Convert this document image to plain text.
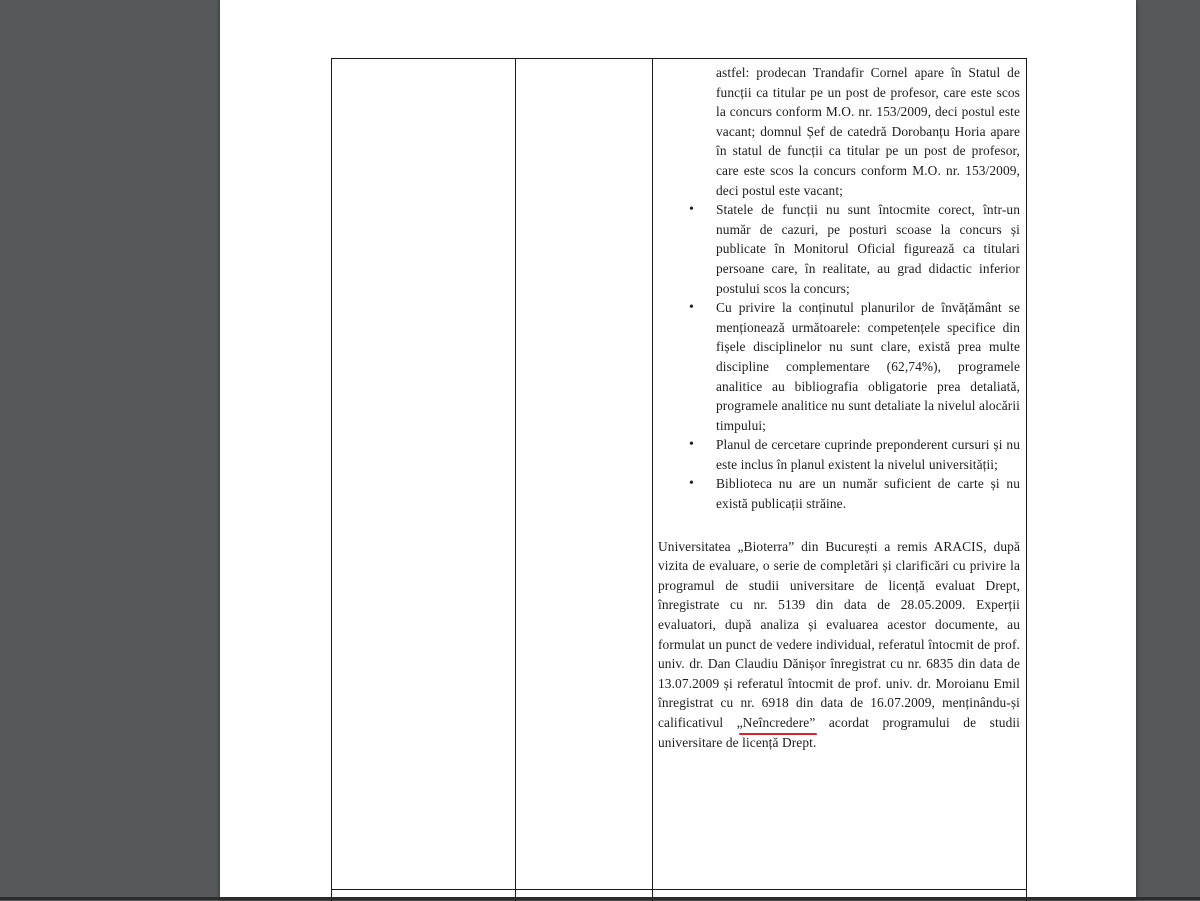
astfel: prodecan Trandafir Cornel apare în Statul de funcții ca titular pe un post de profesor, care este scos la concurs conform M.O. nr. 153/2009, deci postul este vacant; domnul Șef de catedră Dorobanțu Horia apare în statul de funcții ca titular pe un post de profesor, care este scos la concurs conform M.O. nr. 153/2009, deci postul este vacant;
• Statele de funcții nu sunt întocmite corect, într-un număr de cazuri, pe posturi scoase la concurs și publicate în Monitorul Oficial figurează ca titulari persoane care, în realitate, au grad didactic inferior postului scos la concurs;
• Cu privire la conținutul planurilor de învățământ se menționează următoarele: competențele specifice din fișele disciplinelor nu sunt clare, există prea multe discipline complementare (62,74%), programele analitice au bibliografia obligatorie prea detaliată, programele analitice nu sunt detaliate la nivelul alocării timpului;
• Planul de cercetare cuprinde preponderent cursuri și nu este inclus în planul existent la nivelul universității;
• Biblioteca nu are un număr suficient de carte și nu există publicații străine.
Universitatea „Bioterra” din București a remis ARACIS, după vizita de evaluare, o serie de completări și clarificări cu privire la programul de studii universitare de licență evaluat Drept, înregistrate cu nr. 5139 din data de 28.05.2009. Experții evaluatori, după analiza și evaluarea acestor documente, au formulat un punct de vedere individual, referatul întocmit de prof. univ. dr. Dan Claudiu Dănișor înregistrat cu nr. 6835 din data de 13.07.2009 și referatul întocmit de prof. univ. dr. Moroianu Emil înregistrat cu nr. 6918 din data de 16.07.2009, menținându-și calificativul „Neîncredere” acordat programului de studii universitare de licență Drept.
